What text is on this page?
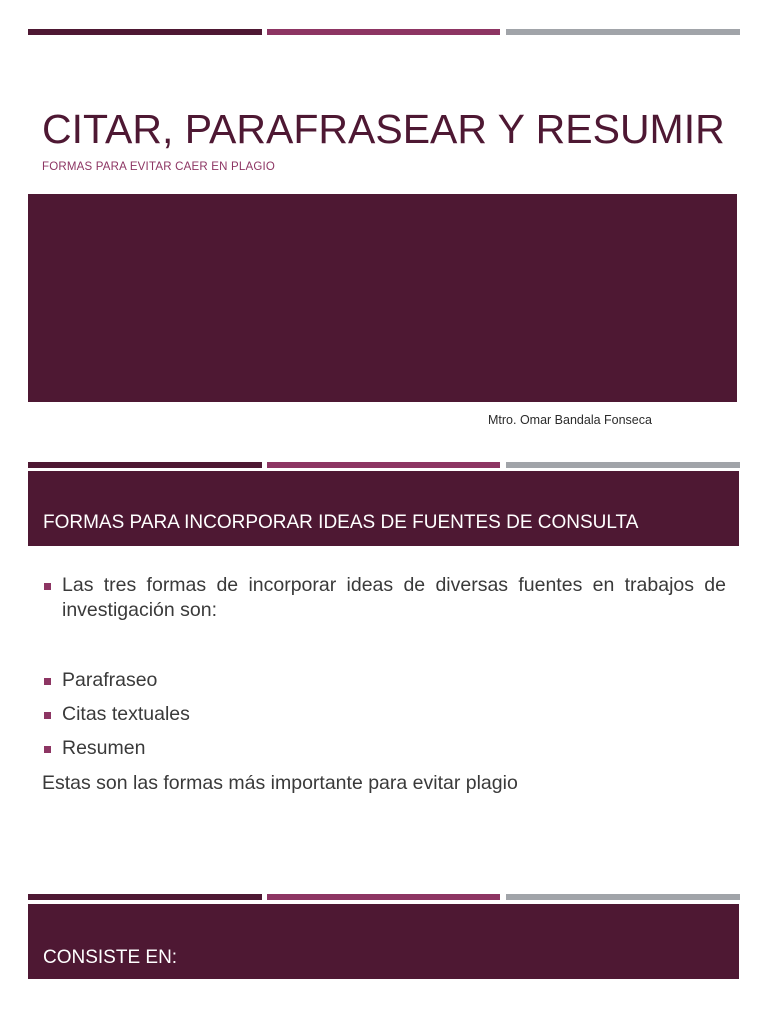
CITAR, PARAFRASEAR Y RESUMIR
FORMAS PARA EVITAR CAER EN PLAGIO
Mtro. Omar Bandala Fonseca
FORMAS PARA INCORPORAR IDEAS DE FUENTES DE CONSULTA
Las tres formas de incorporar ideas de diversas fuentes en trabajos de investigación son:
Parafraseo
Citas textuales
Resumen
Estas son las formas más importante para evitar plagio
CONSISTE EN:
